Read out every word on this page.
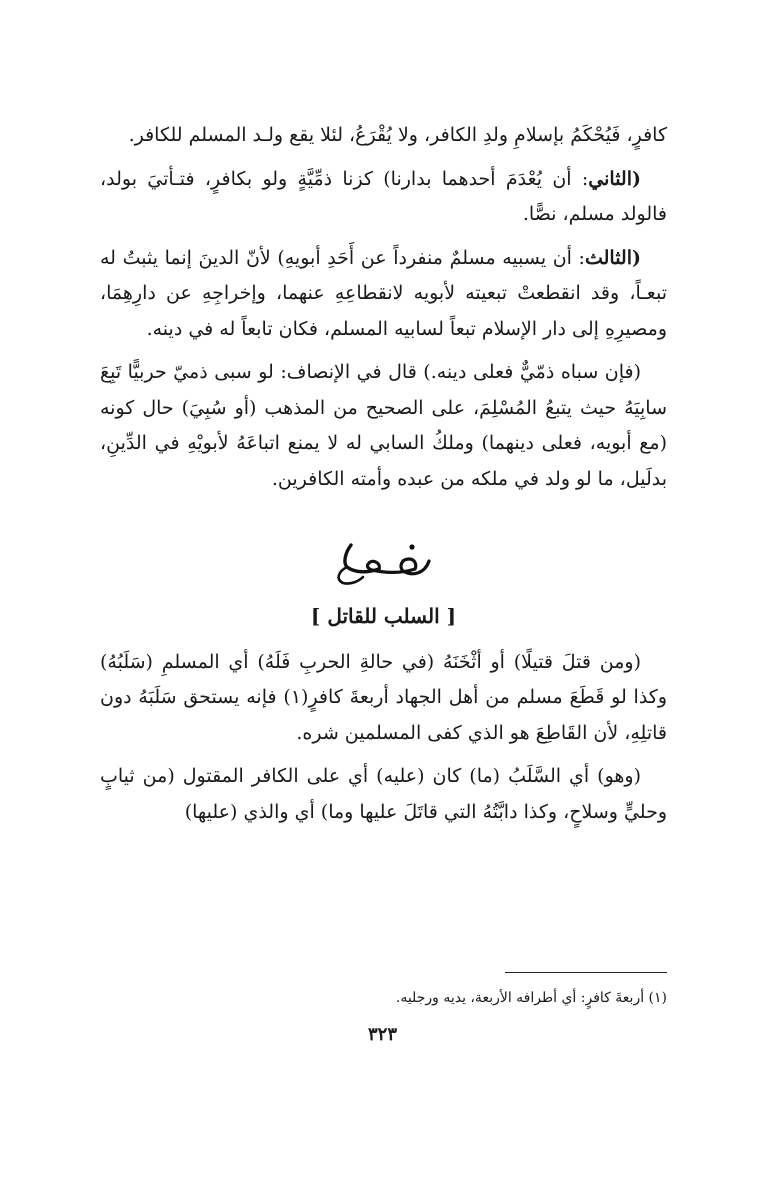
كافرٍ، فَيُحْكَمُ بإسلامِ ولدِ الكافر، ولا يُقْرَعُ، لئلا يقع ولـد المسلم للكافر.

(الثاني: أن يُعْدَمَ أحدهما بدارنا) كزنا ذمِّيَّةٍ ولو بكافرٍ، فتـأتيَ بولد، فالولد مسلم، نصًّا.

(الثالث: أن يسبيه مسلمٌ منفرداً عن أَحَدِ أبويهِ) لأنّ الدينَ إنما يثبتُ له تبعـاً، وقد انقطعتْ تبعيته لأبويه لانقطاعِهِ عنهما، وإخراجِهِ عن دارِهِمَا، ومصيرِهِ إلى دار الإسلام تبعاً لسابيه المسلم، فكان تابعاً له في دينه.

(فإن سباه ذمّيٌّ فعلى دينه.) قال في الإنصاف: لو سبى ذميّ حربيًّا تَبِعَ سابِيَهُ حيث يتبعُ المُسْلِمَ، على الصحيح من المذهب (أو سُبِيَ) حال كونه (مع أبويه، فعلى دينهما) وملكُ السابي له لا يمنع اتباعَهُ لأبويْهِ في الدِّينِ، بدلَيل، ما لو ولد في ملكه من عبده وأمته الكافرين.

[ السلب للقاتل ]

(ومن قتلَ قتيلًا) أو أثْخَنَهُ (في حالةِ الحربِ فَلَهُ) أي المسلمِ (سَلَبُهُ) وكذا لو قَطَعَ مسلم من أهل الجهاد أربعةَ كافرٍ(١) فإنه يستحق سَلَبَهُ دون قاتلِهِ، لأن القَاطِعَ هو الذي كفى المسلمين شره.

(وهو) أي السَّلَبُ (ما) كان (عليه) أي على الكافر المقتول (من ثيابٍ وحليٍّ وسلاحٍ، وكذا دابَّتُهُ التي قاتَلَ عليها وما) أي والذي (عليها)

(١) أربعةَ كافرٍ: أي أطرافه الأربعة، يديه ورجليه.
٣٢٣
